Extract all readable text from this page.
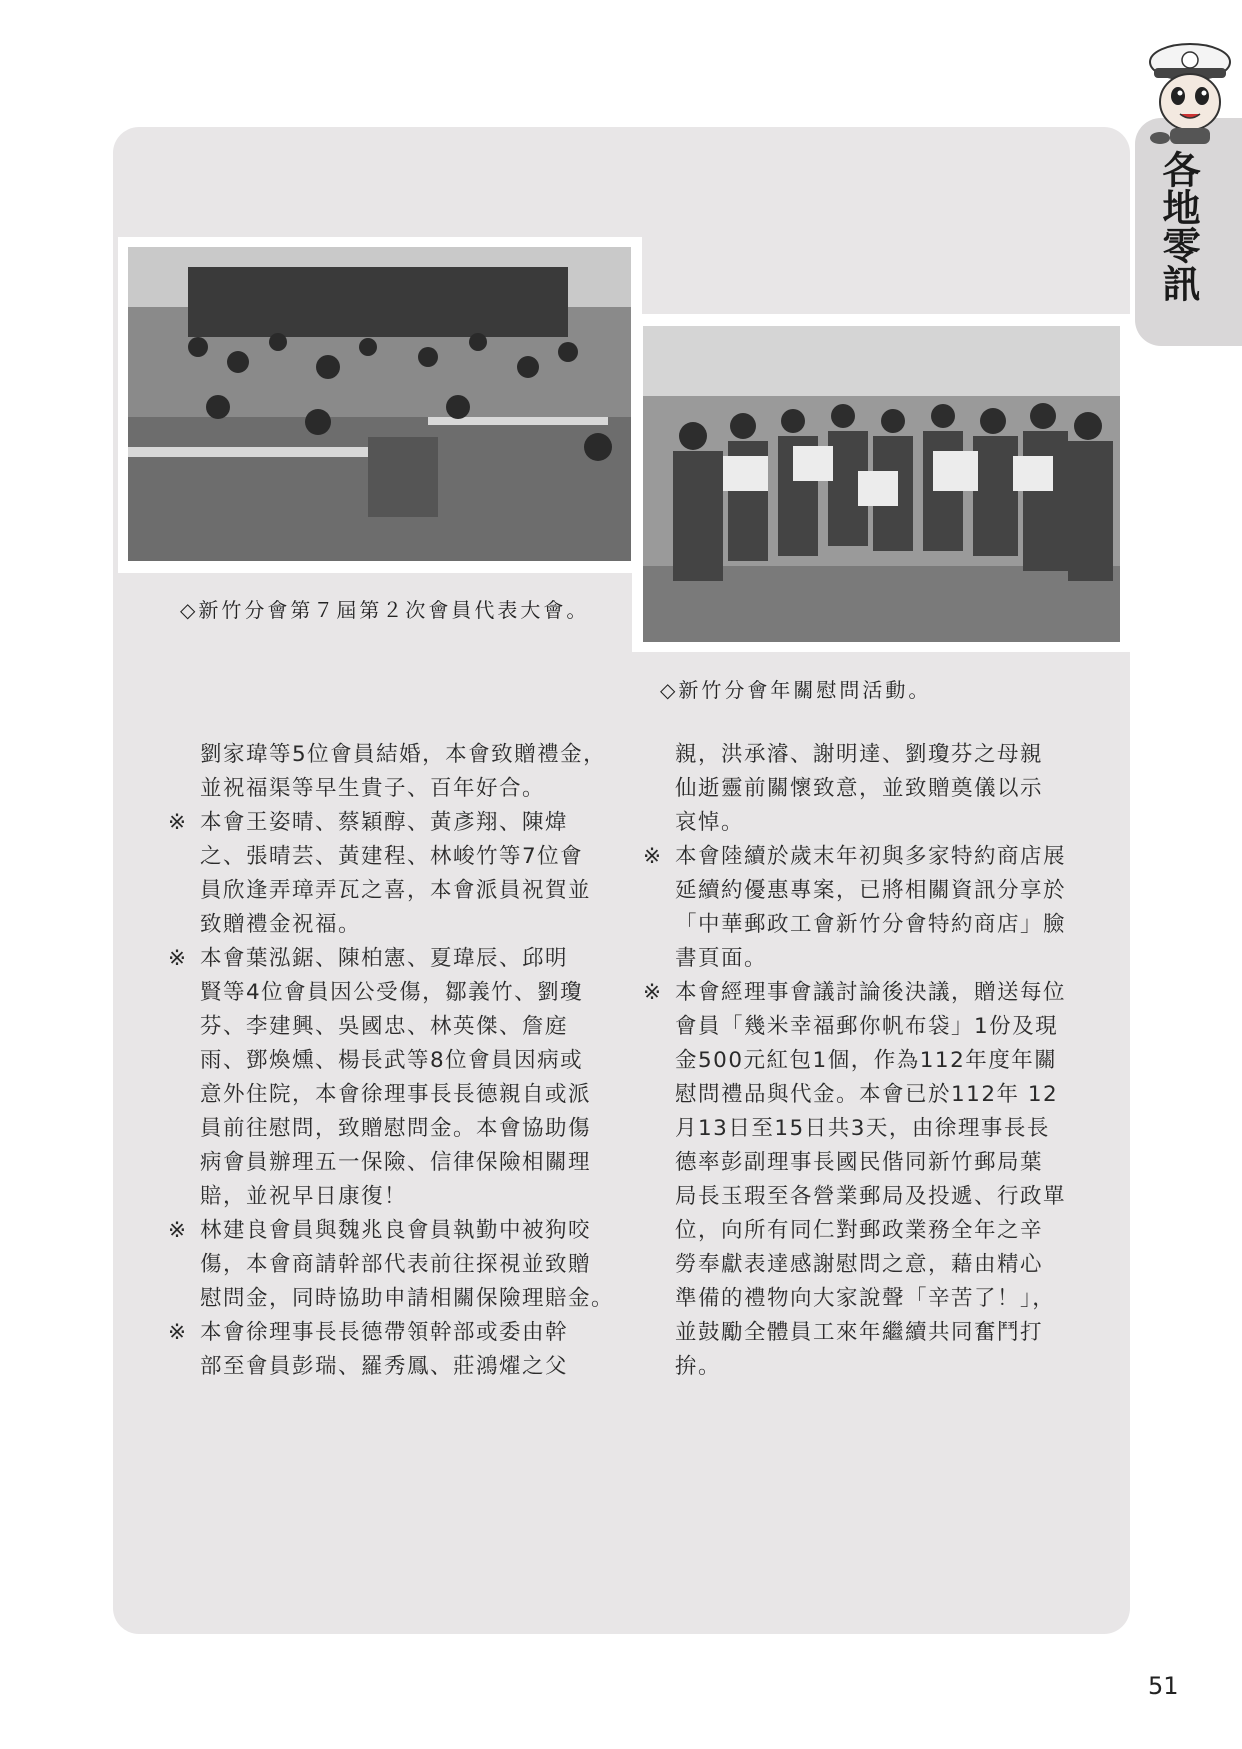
各地零訊
◇新竹分會第７屆第２次會員代表大會。
◇新竹分會年關慰問活動。

劉家瑋等5位會員結婚，本會致贈禮金，

並祝福渠等早生貴子、百年好合。

※ 本會王姿晴、蔡穎醇、黃彥翔、陳煒

之、張晴芸、黃建程、林峻竹等7位會

員欣逢弄璋弄瓦之喜，本會派員祝賀並

致贈禮金祝福。

※ 本會葉泓鋸、陳柏憲、夏瑋辰、邱明

賢等4位會員因公受傷，鄒義竹、劉瓊

芬、李建興、吳國忠、林英傑、詹庭

雨、鄧煥燻、楊長武等8位會員因病或

意外住院，本會徐理事長長德親自或派

員前往慰問，致贈慰問金。本會協助傷

病會員辦理五一保險、信律保險相關理

賠，並祝早日康復！

※ 林建良會員與魏兆良會員執勤中被狗咬

傷，本會商請幹部代表前往探視並致贈

慰問金，同時協助申請相關保險理賠金。

※ 本會徐理事長長德帶領幹部或委由幹

部至會員彭瑞、羅秀鳳、莊鴻燿之父

親，洪承濬、謝明達、劉瓊芬之母親

仙逝靈前關懷致意，並致贈奠儀以示

哀悼。

※ 本會陸續於歲末年初與多家特約商店展

延續約優惠專案，已將相關資訊分享於

「中華郵政工會新竹分會特約商店」臉

書頁面。

※ 本會經理事會議討論後決議，贈送每位

會員「幾米幸福郵你帆布袋」1份及現

金500元紅包1個，作為112年度年關

慰問禮品與代金。本會已於112年 12

月13日至15日共3天，由徐理事長長

德率彭副理事長國民偕同新竹郵局葉

局長玉瑕至各營業郵局及投遞、行政單

位，向所有同仁對郵政業務全年之辛

勞奉獻表達感謝慰問之意，藉由精心

準備的禮物向大家說聲「辛苦了！」，

並鼓勵全體員工來年繼續共同奮鬥打

拚。

51
